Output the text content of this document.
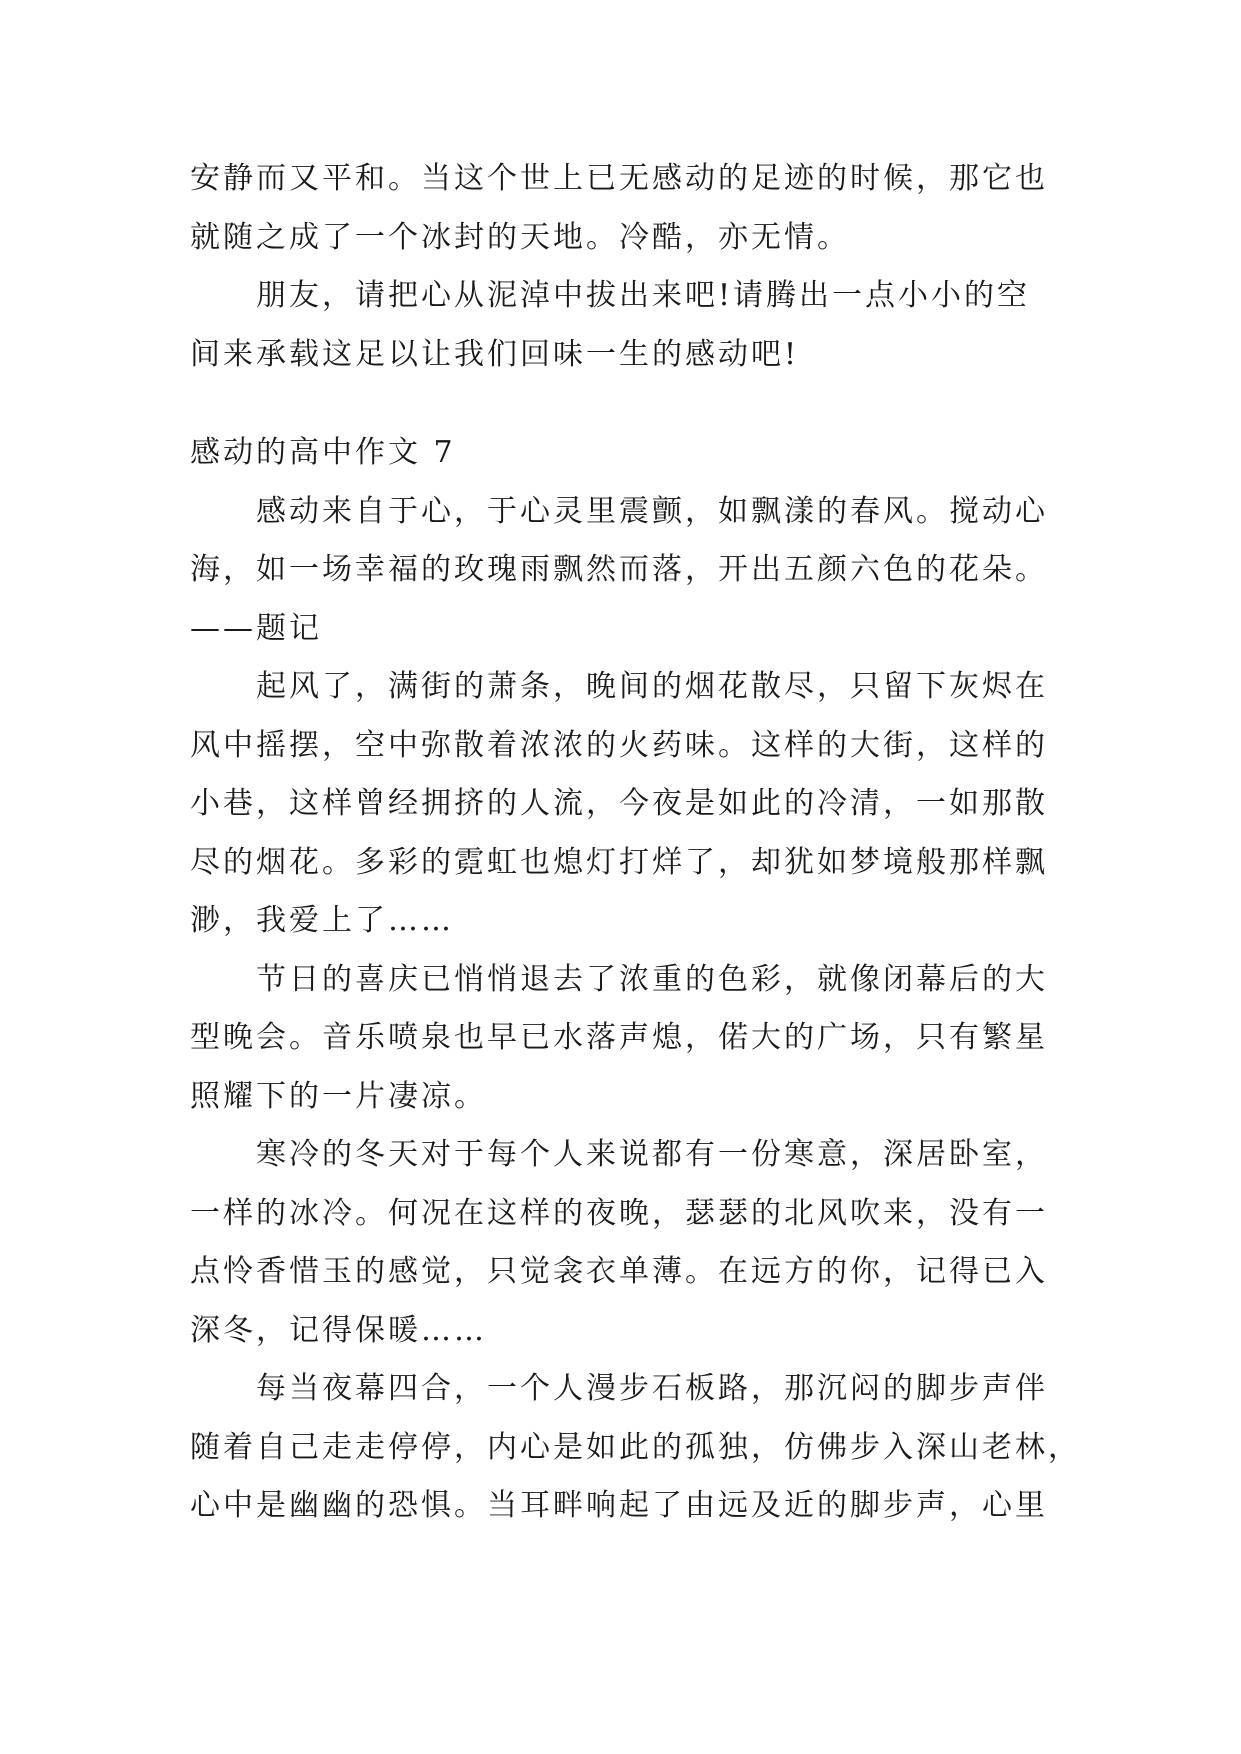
安静而又平和。当这个世上已无感动的足迹的时候，那它也
就随之成了一个冰封的天地。冷酷，亦无情。
　　朋友，请把心从泥淖中拔出来吧!请腾出一点小小的空
间来承载这足以让我们回味一生的感动吧!
感动的高中作文 7
　　感动来自于心，于心灵里震颤，如飘漾的春风。搅动心
海，如一场幸福的玫瑰雨飘然而落，开出五颜六色的花朵。
——题记
　　起风了，满街的萧条，晚间的烟花散尽，只留下灰烬在
风中摇摆，空中弥散着浓浓的火药味。这样的大街，这样的
小巷，这样曾经拥挤的人流，今夜是如此的冷清，一如那散
尽的烟花。多彩的霓虹也熄灯打烊了，却犹如梦境般那样飘
渺，我爱上了……
　　节日的喜庆已悄悄退去了浓重的色彩，就像闭幕后的大
型晚会。音乐喷泉也早已水落声熄，偌大的广场，只有繁星
照耀下的一片凄凉。
　　寒冷的冬天对于每个人来说都有一份寒意，深居卧室，
一样的冰冷。何况在这样的夜晚，瑟瑟的北风吹来，没有一
点怜香惜玉的感觉，只觉衾衣单薄。在远方的你，记得已入
深冬，记得保暖……
　　每当夜幕四合，一个人漫步石板路，那沉闷的脚步声伴
随着自己走走停停，内心是如此的孤独，仿佛步入深山老林，
心中是幽幽的恐惧。当耳畔响起了由远及近的脚步声，心里
